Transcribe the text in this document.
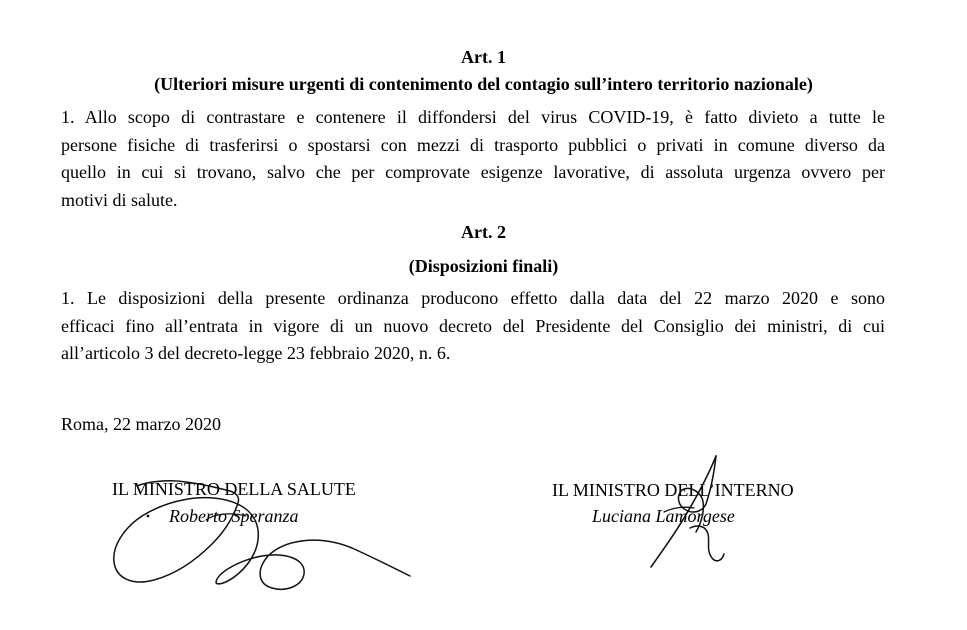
Art. 1
(Ulteriori misure urgenti di contenimento del contagio sull’intero territorio nazionale)
1. Allo scopo di contrastare e contenere il diffondersi del virus COVID-19, è fatto divieto a tutte le
persone fisiche di trasferirsi o spostarsi con mezzi di trasporto pubblici o privati in comune diverso da
quello in cui si trovano, salvo che per comprovate esigenze lavorative, di assoluta urgenza ovvero per
motivi di salute.
Art. 2
(Disposizioni finali)
1. Le disposizioni della presente ordinanza producono effetto dalla data del 22 marzo 2020 e sono
efficaci fino all’entrata in vigore di un nuovo decreto del Presidente del Consiglio dei ministri, di cui
all’articolo 3 del decreto-legge 23 febbraio 2020, n. 6.
Roma, 22 marzo 2020
IL MINISTRO DELLA SALUTE
Roberto Speranza
IL MINISTRO DELL’INTERNO
Luciana Lamorgese
